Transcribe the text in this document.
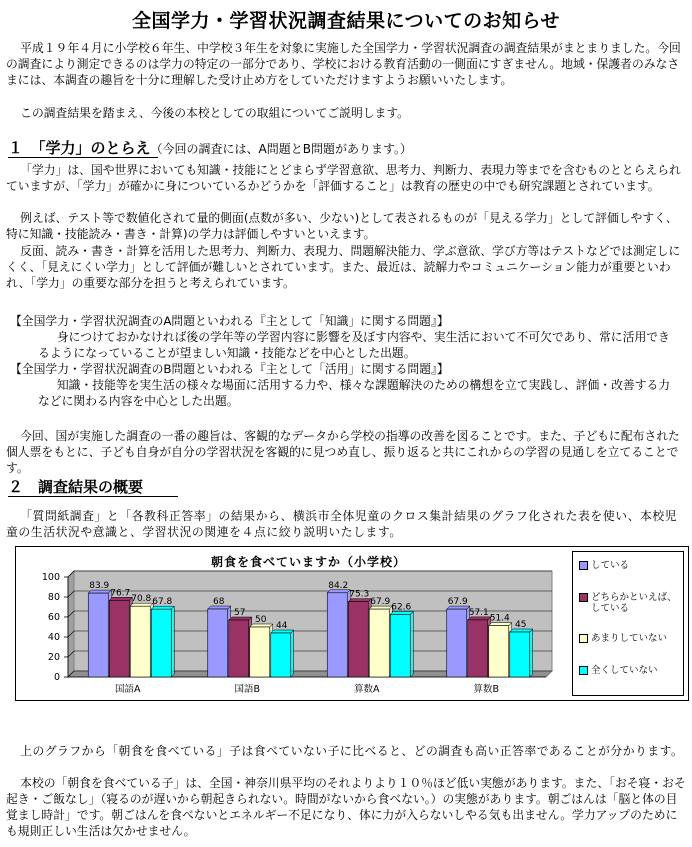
全国学力・学習状況調査結果についてのお知らせ
平成１９年４月に小学校６年生、中学校３年生を対象に実施した全国学力・学習状況調査の調査結果がまとまりました。今回の調査により測定できるのは学力の特定の一部分であり、学校における教育活動の一側面にすぎません。地域・保護者のみなさまには、本調査の趣旨を十分に理解した受け止め方をしていただけますようお願いいたします。
この調査結果を踏まえ、今後の本校としての取組についてご説明します。
１　「学力」のとらえ（今回の調査には、A問題とB問題があります。）
「学力」は、国や世界においても知識・技能にとどまらず学習意欲、思考力、判断力、表現力等までを含むものととらえられていますが、「学力」が確かに身についているかどうかを「評価すること」は教育の歴史の中でも研究課題とされています。
例えば、テスト等で数値化されて量的側面(点数が多い、少ない)として表されるものが「見える学力」として評価しやすく、特に知識・技能読み・書き・計算)の学力は評価しやすいといえます。
反面、読み・書き・計算を活用した思考力、判断力、表現力、問題解決能力、学ぶ意欲、学び方等はテストなどでは測定しにくく、「見えにくい学力」として評価が難しいとされています。また、最近は、読解力やコミュニケーション能力が重要といわれ、「学力」の重要な部分を担うと考えられています。
【全国学力・学習状況調査のA問題といわれる『主として「知識」に関する問題』】
身につけておかなければ後の学年等の学習内容に影響を及ぼす内容や、実生活において不可欠であり、常に活用できるようになっていることが望ましい知識・技能などを中心とした出題。
【全国学力・学習状況調査のB問題といわれる『主として「活用」に関する問題』】
知識・技能等を実生活の様々な場面に活用する力や、様々な課題解決のための構想を立て実践し、評価・改善する力などに関わる内容を中心とした出題。
今回、国が実施した調査の一番の趣旨は、客観的なデータから学校の指導の改善を図ることです。また、子どもに配布された個人票をもとに、子ども自身が自分の学習状況を客観的に見つめ直し、振り返ると共にこれからの学習の見通しを立てることです。
２　調査結果の概要
「質問紙調査」と「各教科正答率」の結果から、横浜市全体児童のクロス集計結果のグラフ化された表を使い、本校児童の生活状況や意識と、学習状況の関連を４点に絞り説明いたします。
朝食を食べていますか（小学校）
0
20
40
60
80
100
83.9
76.7
70.8 67.8
国語A
68
57
50
44
国語B
84.2
75.3
67.9
62.6
算数A
67.9
57.1
51.4
45
算数B
している
どちらかといえば、している
あまりしていない
全くしていない
上のグラフから「朝食を食べている」子は食べていない子に比べると、どの調査も高い正答率であることが分かります。
本校の「朝食を食べている子」は、全国・神奈川県平均のそれよりより１０％ほど低い実態があります。また、「おそ寝・おそ起き・ご飯なし」（寝るのが遅いから朝起きられない。時間がないから食べない。）の実態があります。朝ごはんは「脳と体の目覚まし時計」です。朝ごはんを食べないとエネルギー不足になり、体に力が入らないしやる気も出ません。学力アップのためにも規則正しい生活は欠かせません。
